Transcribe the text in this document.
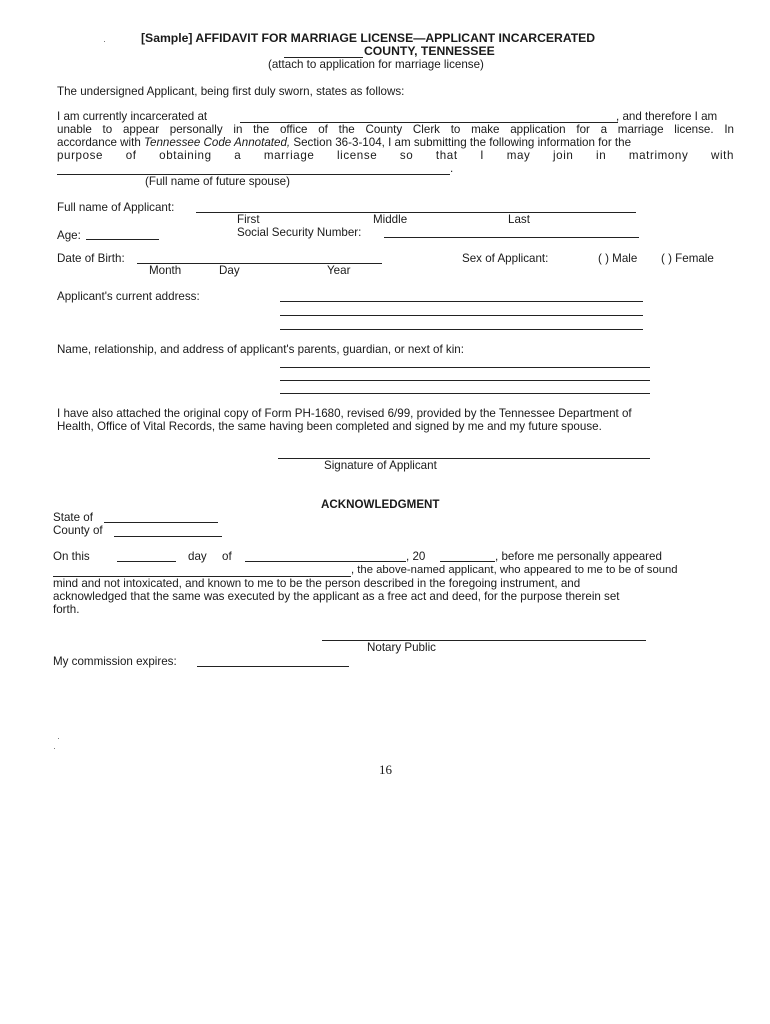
[Sample] AFFIDAVIT FOR MARRIAGE LICENSE—APPLICANT INCARCERATED
COUNTY, TENNESSEE
(attach to application for marriage license)
The undersigned Applicant, being first duly sworn, states as follows:
I am currently incarcerated at	, and therefore I am
unable to appear personally in the office of the County Clerk to make application for a marriage license. In
accordance with Tennessee Code Annotated, Section 36-3-104, I am submitting the following information for the
purpose of obtaining a marriage license so that I may join in matrimony with
.
(Full name of future spouse)
Full name of Applicant:
First	Middle	Last
Age:	Social Security Number:
Date of Birth:
Month	Day	Year
Sex of Applicant:	( ) Male ( ) Female
Applicant's current address:
Name, relationship, and address of applicant's parents, guardian, or next of kin:
I have also attached the original copy of Form PH-1680, revised 6/99, provided by the Tennessee Department of
Health, Office of Vital Records, the same having been completed and signed by me and my future spouse.
Signature of Applicant
ACKNOWLEDGMENT
State of
County of
On this	day of	, 20	, before me personally appeared
, the above-named applicant, who appeared to me to be of sound
mind and not intoxicated, and known to me to be the person described in the foregoing instrument, and
acknowledged that the same was executed by the applicant as a free act and deed, for the purpose therein set
forth.
Notary Public
My commission expires:
16
